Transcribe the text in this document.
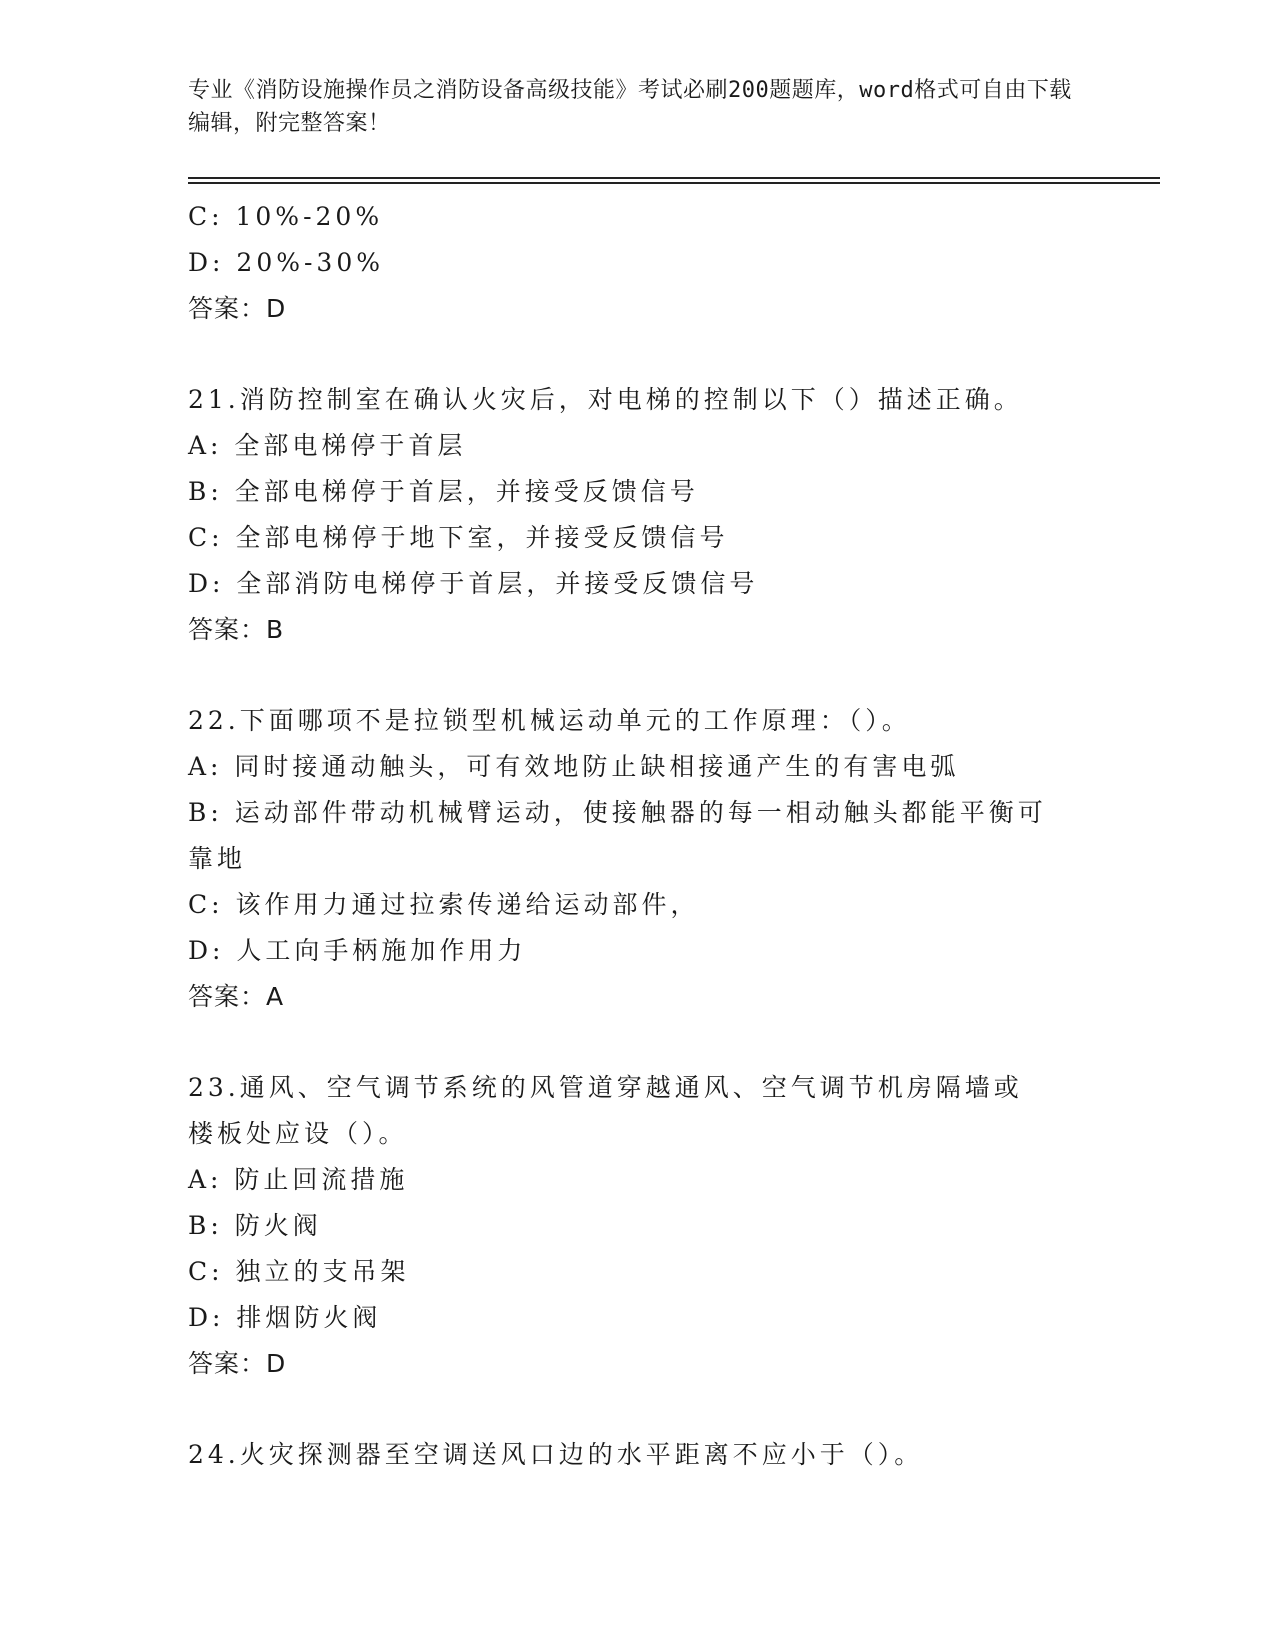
专业《消防设施操作员之消防设备高级技能》考试必刷200题题库，word格式可自由下载编辑，附完整答案！
C: 10%-20%
D: 20%-30%
答案：D
21.消防控制室在确认火灾后，对电梯的控制以下（）描述正确。
A: 全部电梯停于首层
B: 全部电梯停于首层，并接受反馈信号
C: 全部电梯停于地下室，并接受反馈信号
D: 全部消防电梯停于首层，并接受反馈信号
答案：B
22.下面哪项不是拉锁型机械运动单元的工作原理：（）。
A: 同时接通动触头，可有效地防止缺相接通产生的有害电弧
B: 运动部件带动机械臂运动，使接触器的每一相动触头都能平衡可靠地
C: 该作用力通过拉索传递给运动部件，
D: 人工向手柄施加作用力
答案：A
23.通风、空气调节系统的风管道穿越通风、空气调节机房隔墙或楼板处应设（）。
A: 防止回流措施
B: 防火阀
C: 独立的支吊架
D: 排烟防火阀
答案：D
24.火灾探测器至空调送风口边的水平距离不应小于（）。
